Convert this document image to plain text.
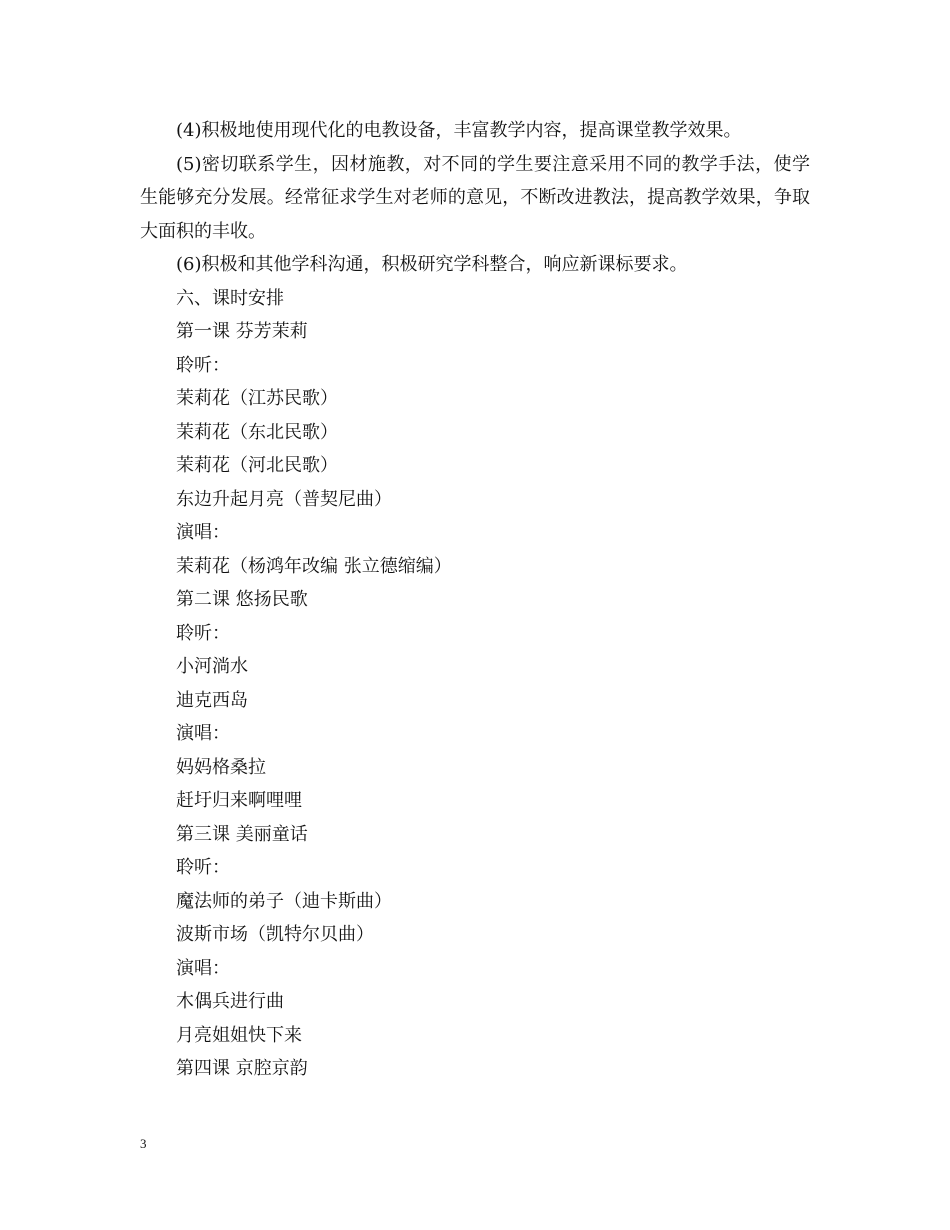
(4)积极地使用现代化的电教设备，丰富教学内容，提高课堂教学效果。

(5)密切联系学生，因材施教，对不同的学生要注意采用不同的教学手法，使学生能够充分发展。经常征求学生对老师的意见，不断改进教法，提高教学效果，争取大面积的丰收。

(6)积极和其他学科沟通，积极研究学科整合，响应新课标要求。

六、课时安排

第一课 芬芳茉莉

聆听：

茉莉花（江苏民歌）

茉莉花（东北民歌）

茉莉花（河北民歌）

东边升起月亮（普契尼曲）

演唱：

茉莉花（杨鸿年改编 张立德缩编）

第二课 悠扬民歌

聆听：

小河淌水

迪克西岛

演唱：

妈妈格桑拉

赶圩归来啊哩哩

第三课 美丽童话

聆听：

魔法师的弟子（迪卡斯曲）

波斯市场（凯特尔贝曲）

演唱：

木偶兵进行曲

月亮姐姐快下来

第四课 京腔京韵

3
